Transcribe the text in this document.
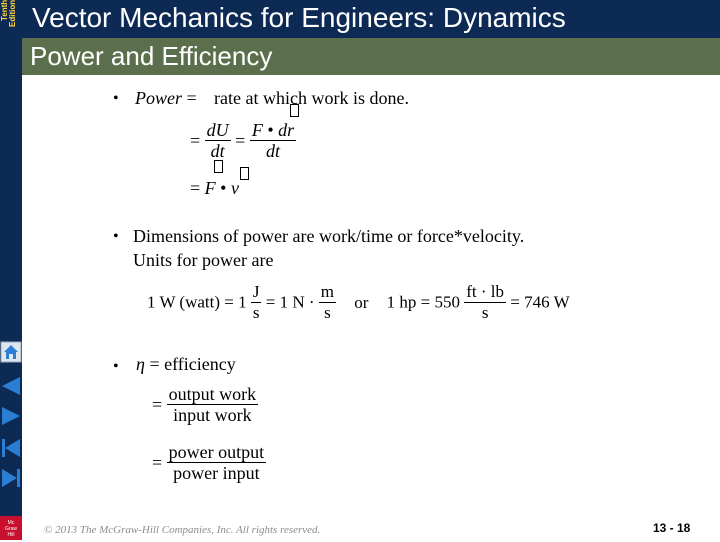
Tenth Edition
Mc
Graw
Hill
Vector Mechanics for Engineers: Dynamics
Power and Efficiency
• Power = rate at which work is done.
= $\frac{dU}{dt} = \frac{F • dr}{dt}$
= F • v
• Dimensions of power are work/time or force*velocity.
Units for power are
1 W (watt) = $1 \frac{J}{s} = 1$ $N \cdot \frac{m}{s}$ or 1 hp = $550 \frac{ft \cdot lb}{s} = 746$ W
• η = efficiency
= $\frac{\text{output work}}{\text{input work}}$
= $\frac{\text{power output}}{\text{power input}}$
© 2013 The McGraw-Hill Companies, Inc. All rights reserved.	13 - 18
